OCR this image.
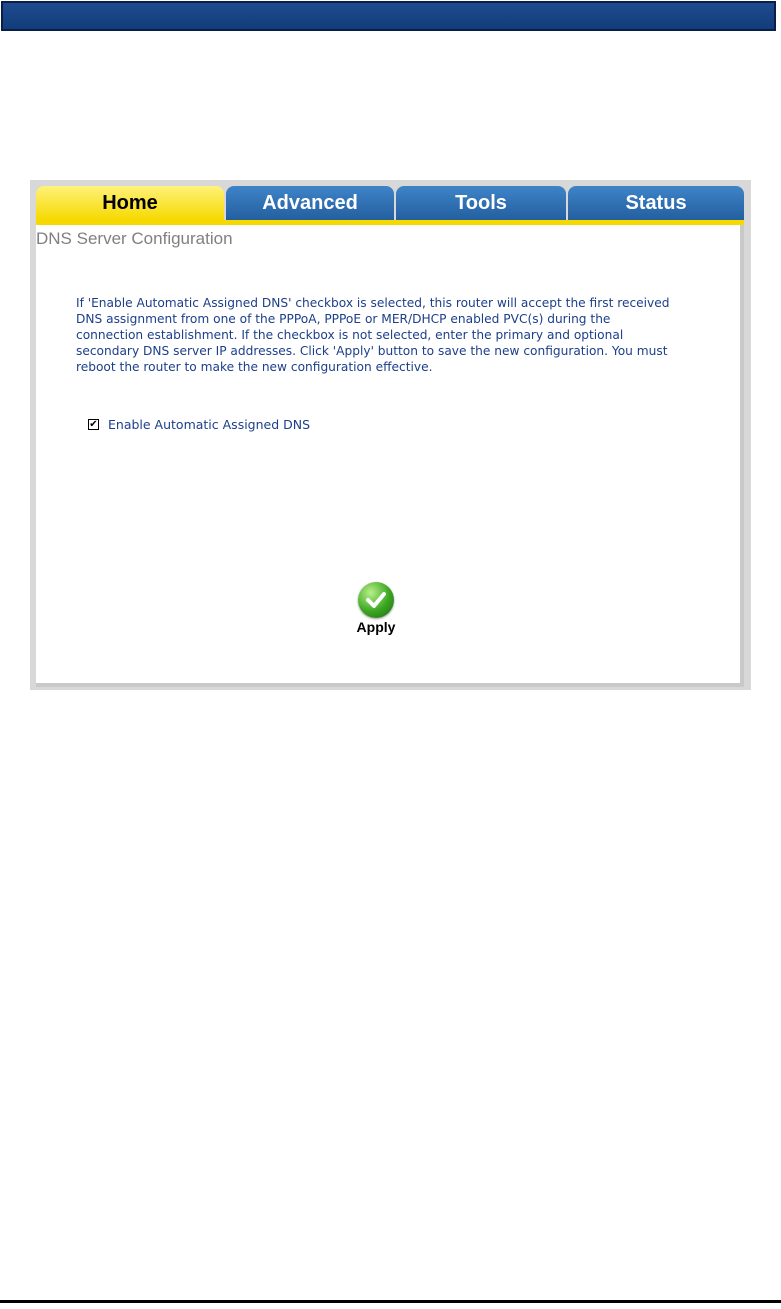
Home	Advanced	Tools	Status
DNS Server Configuration
If 'Enable Automatic Assigned DNS' checkbox is selected, this router will accept the first received DNS assignment from one of the PPPoA, PPPoE or MER/DHCP enabled PVC(s) during the connection establishment. If the checkbox is not selected, enter the primary and optional secondary DNS server IP addresses. Click 'Apply' button to save the new configuration. You must reboot the router to make the new configuration effective.
✔ Enable Automatic Assigned DNS
Apply
